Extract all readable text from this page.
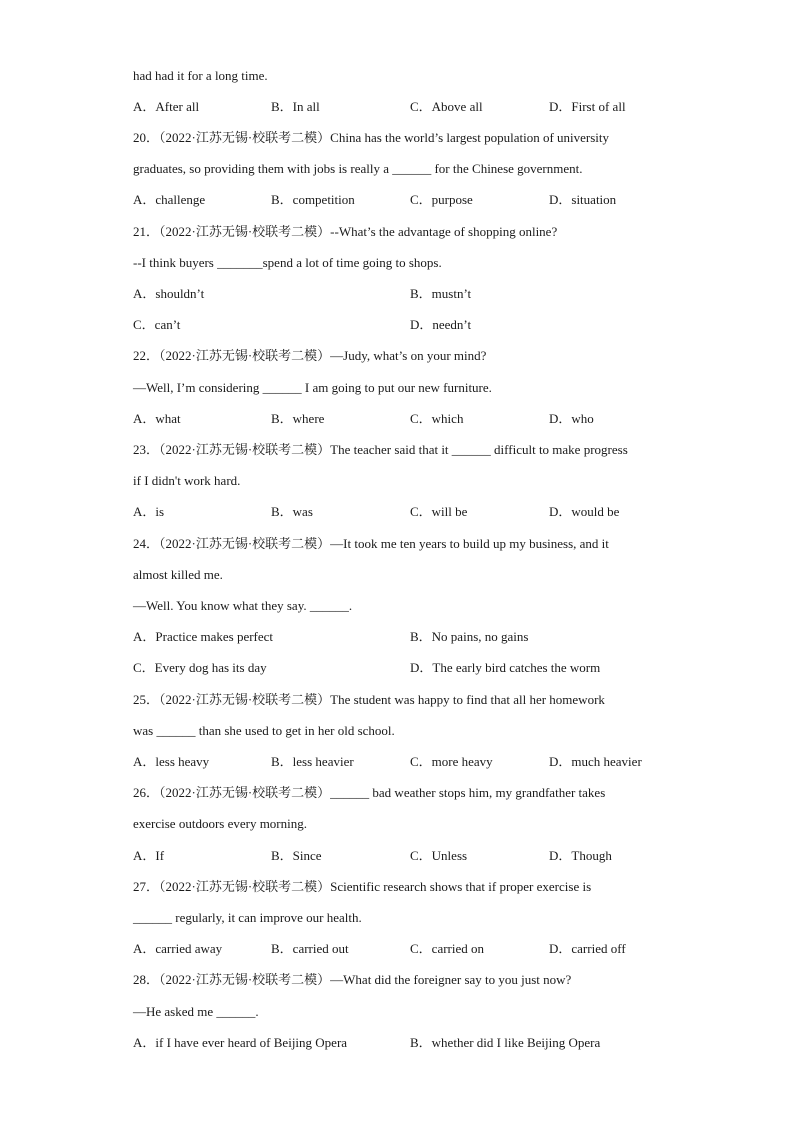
had had it for a long time.
A．After all	B．In all	C．Above all	D．First of all
20．（2022·江苏无锡·校联考二模）China has the world’s largest population of university
graduates, so providing them with jobs is really a ______ for the Chinese government.
A．challenge	B．competition	C．purpose	D．situation
21．（2022·江苏无锡·校联考二模）--What’s the advantage of shopping online?
--I think buyers _______spend a lot of time going to shops.
A．shouldn’t	B．mustn’t
C．can’t	D．needn’t
22．（2022·江苏无锡·校联考二模）—Judy, what’s on your mind?
—Well, I’m considering ______ I am going to put our new furniture.
A．what	B．where	C．which	D．who
23．（2022·江苏无锡·校联考二模）The teacher said that it ______ difficult to make progress
if I didn't work hard.
A．is	B．was	C．will be	D．would be
24．（2022·江苏无锡·校联考二模）—It took me ten years to build up my business, and it
almost killed me.
—Well. You know what they say. ______.
A．Practice makes perfect	B．No pains, no gains
C．Every dog has its day	D．The early bird catches the worm
25．（2022·江苏无锡·校联考二模）The student was happy to find that all her homework
was ______ than she used to get in her old school.
A．less heavy	B．less heavier	C．more heavy	D．much heavier
26．（2022·江苏无锡·校联考二模）______ bad weather stops him, my grandfather takes
exercise outdoors every morning.
A．If	B．Since	C．Unless	D．Though
27．（2022·江苏无锡·校联考二模）Scientific research shows that if proper exercise is
______ regularly, it can improve our health.
A．carried away	B．carried out	C．carried on	D．carried off
28．（2022·江苏无锡·校联考二模）—What did the foreigner say to you just now?
—He asked me ______.
A．if I have ever heard of Beijing Opera	B．whether did I like Beijing Opera
